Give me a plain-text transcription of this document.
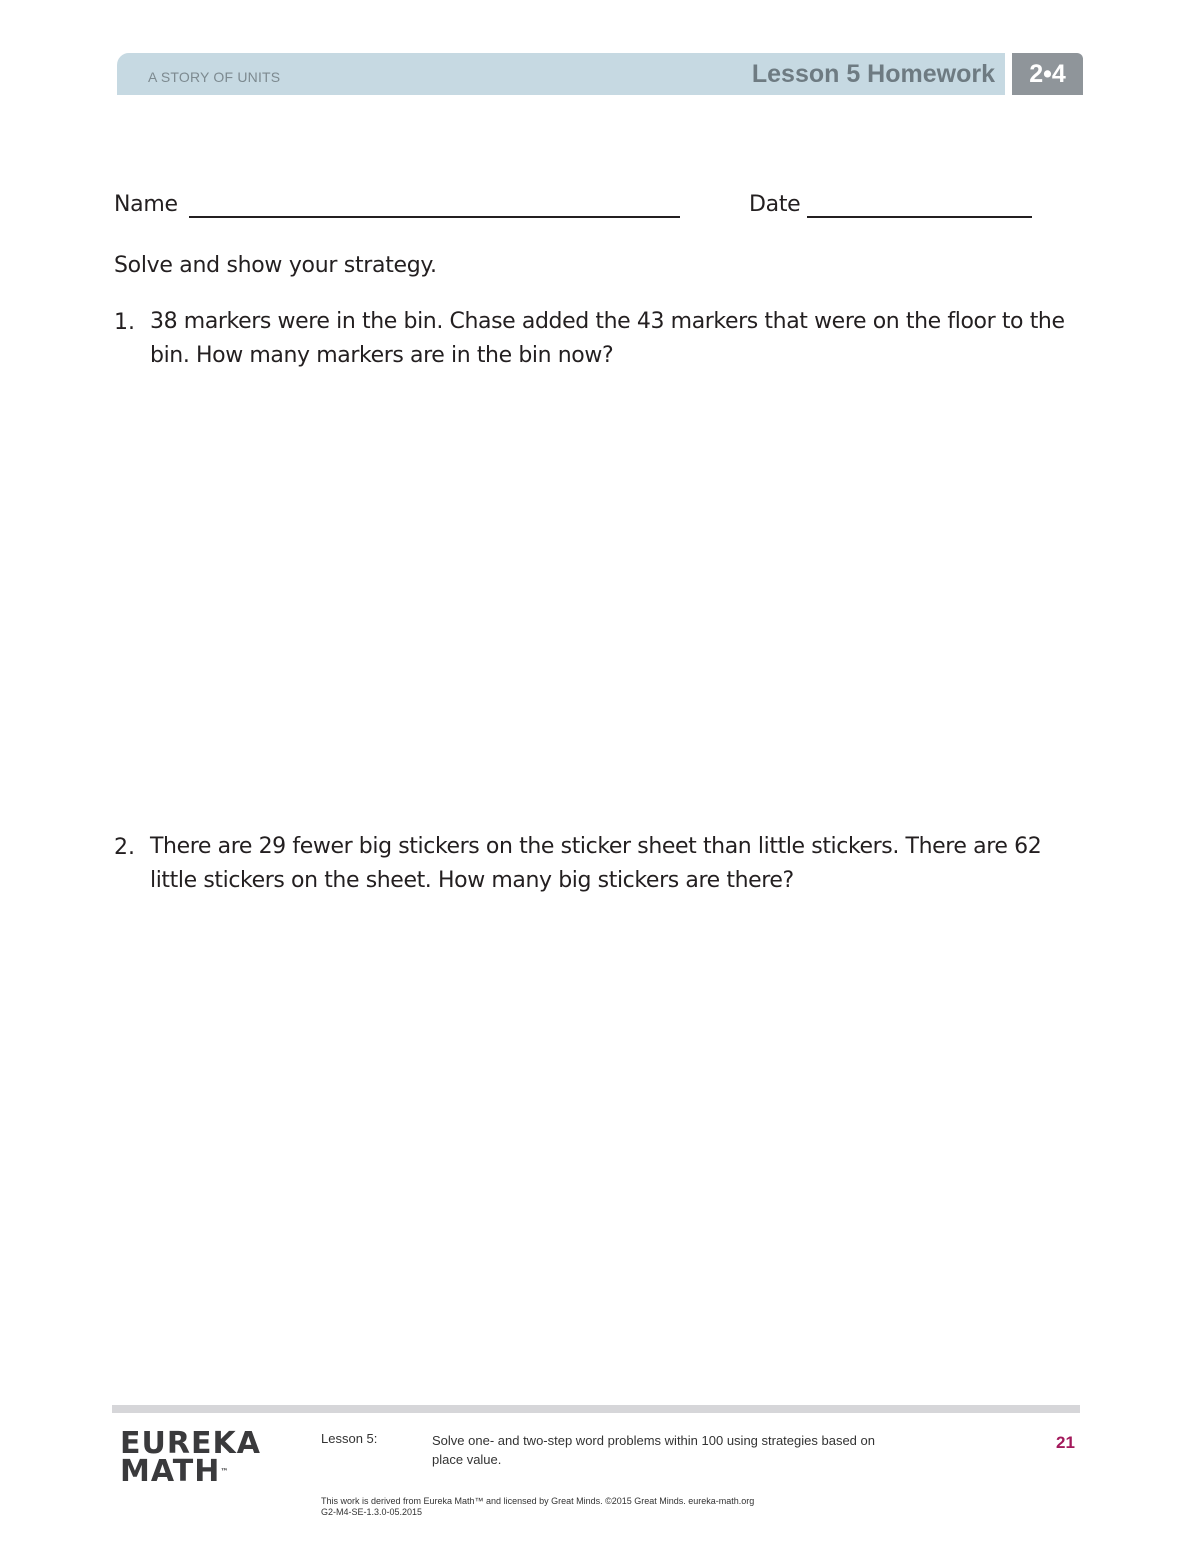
A STORY OF UNITS	Lesson 5 Homework	2•4
Name	Date
Solve and show your strategy.
1. 38 markers were in the bin. Chase added the 43 markers that were on the floor to the bin. How many markers are in the bin now?
2. There are 29 fewer big stickers on the sticker sheet than little stickers. There are 62 little stickers on the sheet. How many big stickers are there?
EUREKA
MATH™
Lesson 5:	Solve one- and two-step word problems within 100 using strategies based on place value.
21
This work is derived from Eureka Math™ and licensed by Great Minds. ©2015 Great Minds. eureka-math.org
G2-M4-SE-1.3.0-05.2015
